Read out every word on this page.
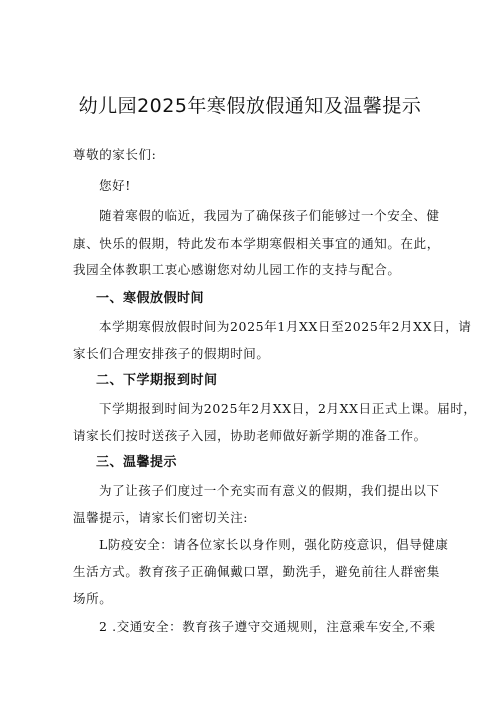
幼儿园2025年寒假放假通知及温馨提示
尊敬的家长们:
您好!
随着寒假的临近，我园为了确保孩子们能够过一个安全、健
康、快乐的假期，特此发布本学期寒假相关事宜的通知。在此，
我园全体教职工衷心感谢您对幼儿园工作的支持与配合。
一、寒假放假时间
本学期寒假放假时间为2025年1月XX日至2025年2月XX日，请
家长们合理安排孩子的假期时间。
二、下学期报到时间
下学期报到时间为2025年2月XX日，2月XX日正式上课。届时，
请家长们按时送孩子入园，协助老师做好新学期的准备工作。
三、温馨提示
为了让孩子们度过一个充实而有意义的假期，我们提出以下
温馨提示，请家长们密切关注:
L防疫安全：请各位家长以身作则，强化防疫意识，倡导健康
生活方式。教育孩子正确佩戴口罩，勤洗手，避免前往人群密集
场所。
2 .交通安全：教育孩子遵守交通规则，注意乘车安全,不乘
